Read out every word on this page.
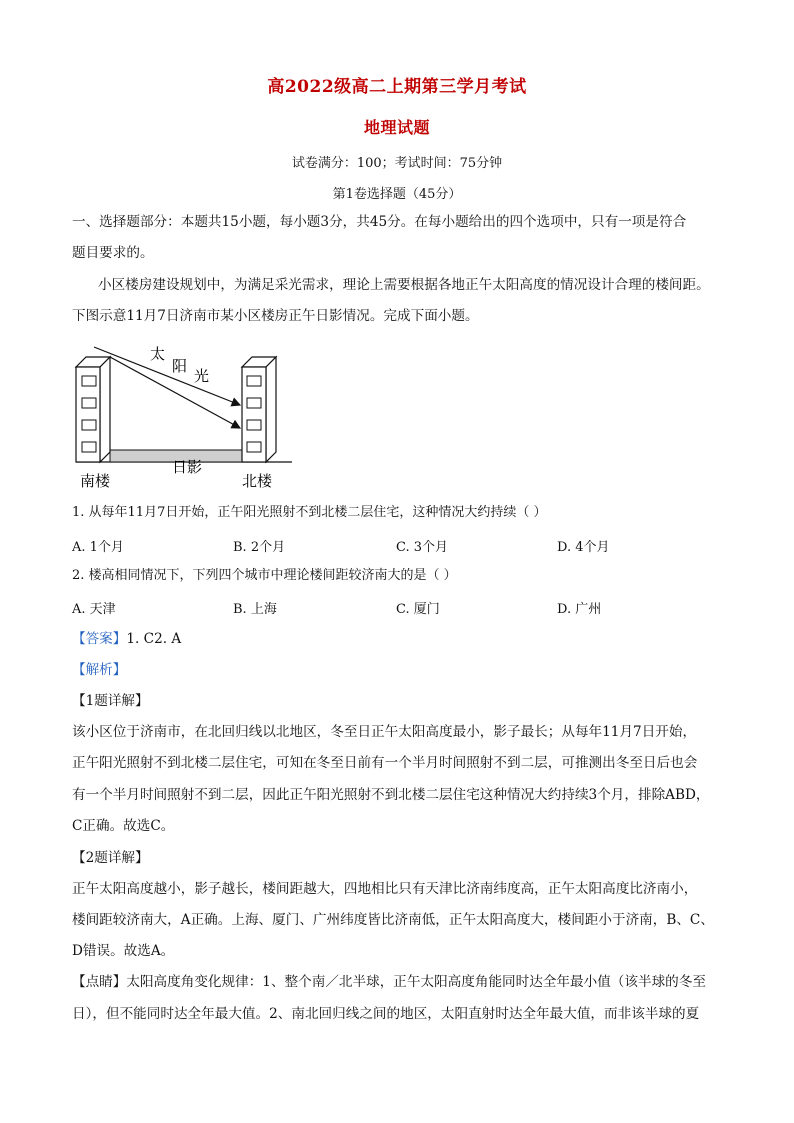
高2022级高二上期第三学月考试
地理试题
试卷满分：100；考试时间：75分钟
第1卷选择题（45分）
一、选择题部分：本题共15小题，每小题3分，共45分。在每小题给出的四个选项中，只有一项是符合
题目要求的。
小区楼房建设规划中，为满足采光需求，理论上需要根据各地正午太阳高度的情况设计合理的楼间距。
下图示意11月7日济南市某小区楼房正午日影情况。完成下面小题。
太
阳
光
日影
南楼	北楼
1. 从每年11月7日开始，正午阳光照射不到北楼二层住宅，这种情况大约持续（ ）
A. 1个月	B. 2个月	C. 3个月	D. 4个月
2. 楼高相同情况下，下列四个城市中理论楼间距较济南大的是（ ）
A. 天津	B. 上海	C. 厦门	D. 广州
【答案】1. C2. A
【解析】
【1题详解】
该小区位于济南市，在北回归线以北地区，冬至日正午太阳高度最小，影子最长；从每年11月7日开始，
正午阳光照射不到北楼二层住宅，可知在冬至日前有一个半月时间照射不到二层，可推测出冬至日后也会
有一个半月时间照射不到二层，因此正午阳光照射不到北楼二层住宅这种情况大约持续3个月，排除ABD，
C正确。故选C。
【2题详解】
正午太阳高度越小，影子越长，楼间距越大，四地相比只有天津比济南纬度高，正午太阳高度比济南小，
楼间距较济南大，A正确。上海、厦门、广州纬度皆比济南低，正午太阳高度大，楼间距小于济南，B、C、
D错误。故选A。
【点睛】太阳高度角变化规律：1、整个南／北半球，正午太阳高度角能同时达全年最小值（该半球的冬至
日），但不能同时达全年最大值。2、南北回归线之间的地区，太阳直射时达全年最大值，而非该半球的夏
